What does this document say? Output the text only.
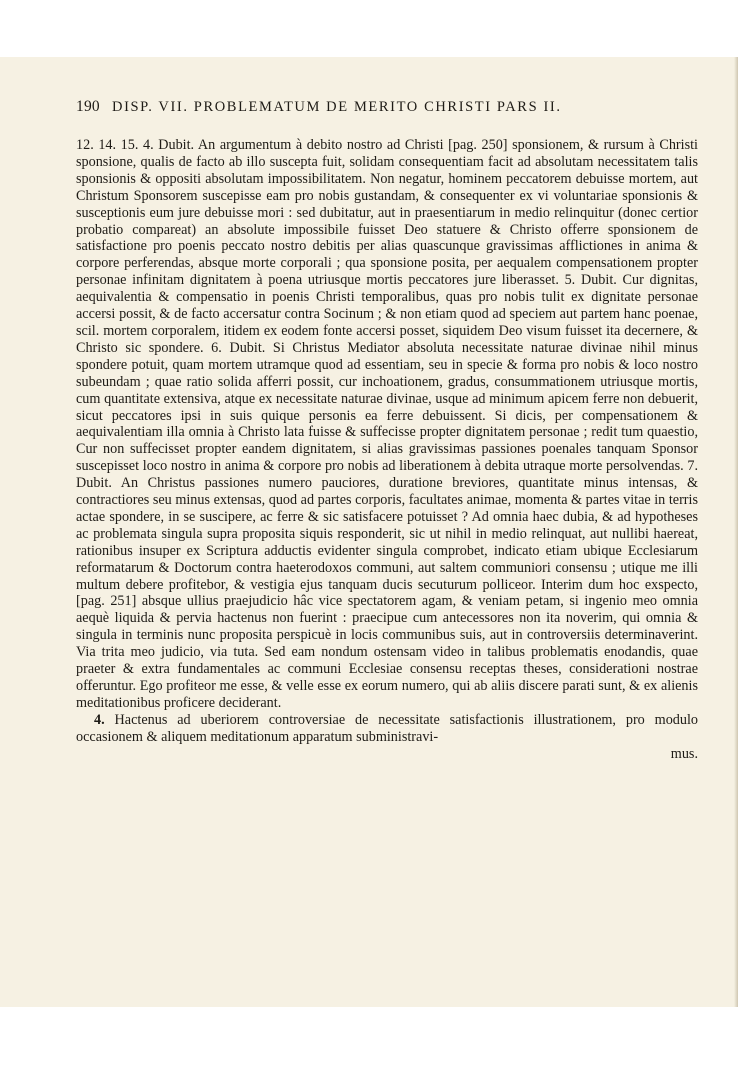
190 DISP. VII. PROBLEMATUM DE MERITO CHRISTI PARS II.

12. 14. 15. 4. Dubit. An argumentum à debito nostro ad Christi [pag. 250] sponsionem, & rursum à Christi sponsione, qualis de facto ab illo suscepta fuit, solidam consequentiam facit ad absolutam necessitatem talis sponsionis & oppositi absolutam impossibilitatem. Non negatur, hominem peccatorem debuisse mortem, aut Christum Sponsorem suscepisse eam pro nobis gustandam, & consequenter ex vi voluntariae sponsionis & susceptionis eum jure debuisse mori : sed dubitatur, aut in praesentiarum in medio relinquitur (donec certior probatio compareat) an absolute impossibile fuisset Deo statuere & Christo offerre sponsionem de satisfactione pro poenis peccato nostro debitis per alias quascunque gravissimas afflictiones in anima & corpore perferendas, absque morte corporali ; qua sponsione posita, per aequalem compensationem propter personae infinitam dignitatem à poena utriusque mortis peccatores jure liberasset. 5. Dubit. Cur dignitas, aequivalentia & compensatio in poenis Christi temporalibus, quas pro nobis tulit ex dignitate personae accersi possit, & de facto accersatur contra Socinum ; & non etiam quod ad speciem aut partem hanc poenae, scil. mortem corporalem, itidem ex eodem fonte accersi posset, siquidem Deo visum fuisset ita decernere, & Christo sic spondere. 6. Dubit. Si Christus Mediator absoluta necessitate naturae divinae nihil minus spondere potuit, quam mortem utramque quod ad essentiam, seu in specie & forma pro nobis & loco nostro subeundam ; quae ratio solida afferri possit, cur inchoationem, gradus, consummationem utriusque mortis, cum quantitate extensiva, atque ex necessitate naturae divinae, usque ad minimum apicem ferre non debuerit, sicut peccatores ipsi in suis quique personis ea ferre debuissent. Si dicis, per compensationem & aequivalentiam illa omnia à Christo lata fuisse & suffecisse propter dignitatem personae ; redit tum quaestio, Cur non suffecisset propter eandem dignitatem, si alias gravissimas passiones poenales tanquam Sponsor suscepisset loco nostro in anima & corpore pro nobis ad liberationem à debita utraque morte persolvendas. 7. Dubit. An Christus passiones numero pauciores, duratione breviores, quantitate minus intensas, & contractiores seu minus extensas, quod ad partes corporis, facultates animae, momenta & partes vitae in terris actae spondere, in se suscipere, ac ferre & sic satisfacere potuisset ? Ad omnia haec dubia, & ad hypotheses ac problemata singula supra proposita siquis responderit, sic ut nihil in medio relinquat, aut nullibi haereat, rationibus insuper ex Scriptura adductis evidenter singula comprobet, indicato etiam ubique Ecclesiarum reformatarum & Doctorum contra haeterodoxos communi, aut saltem communiori consensu ; utique me illi multum debere profitebor, & vestigia ejus tanquam ducis secuturum polliceor. Interim dum hoc exspecto, [pag. 251] absque ullius praejudicio hâc vice spectatorem agam, & veniam petam, si ingenio meo omnia aequè liquida & pervia hactenus non fuerint : praecipue cum antecessores non ita noverim, qui omnia & singula in terminis nunc proposita perspicuè in locis communibus suis, aut in controversiis determinaverint. Via trita meo judicio, via tuta. Sed eam nondum ostensam video in talibus problematis enodandis, quae praeter & extra fundamentales ac communi Ecclesiae consensu receptas theses, considerationi nostrae offeruntur. Ego profiteor me esse, & velle esse ex eorum numero, qui ab aliis discere parati sunt, & ex alienis meditationibus proficere deciderant.

4. Hactenus ad uberiorem controversiae de necessitate satisfactionis illustrationem, pro modulo occasionem & aliquem meditationum apparatum subministravi-

mus.
